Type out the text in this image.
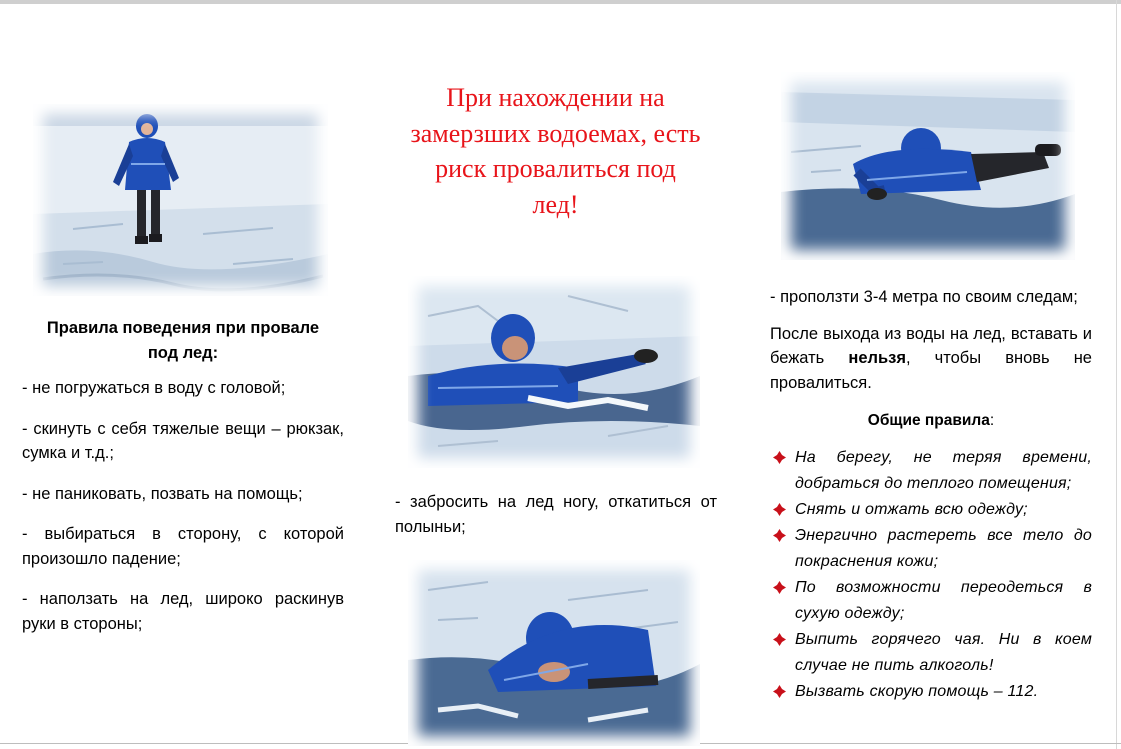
При нахождении на
замерзших водоемах, есть
риск провалиться под
лед!

Правила поведения при провале
под лед:

- не погружаться в воду с головой;

- скинуть с себя тяжелые вещи – рюкзак, сумка и т.д.;

- не паниковать, позвать на помощь;

- выбираться в сторону, с которой произошло падение;

- наползать на лед, широко раскинув руки в стороны;

- забросить на лед ногу, откатиться от полыньи;

- проползти 3-4 метра по своим следам;

После выхода из воды на лед, вставать и бежать нельзя, чтобы вновь не провалиться.

Общие правила:

На берегу, не теряя времени, добраться до теплого помещения;
Снять и отжать всю одежду;
Энергично растереть все тело до покраснения кожи;
По возможности переодеться в сухую одежду;
Выпить горячего чая. Ни в коем случае не пить алкоголь!
Вызвать скорую помощь – 112.
